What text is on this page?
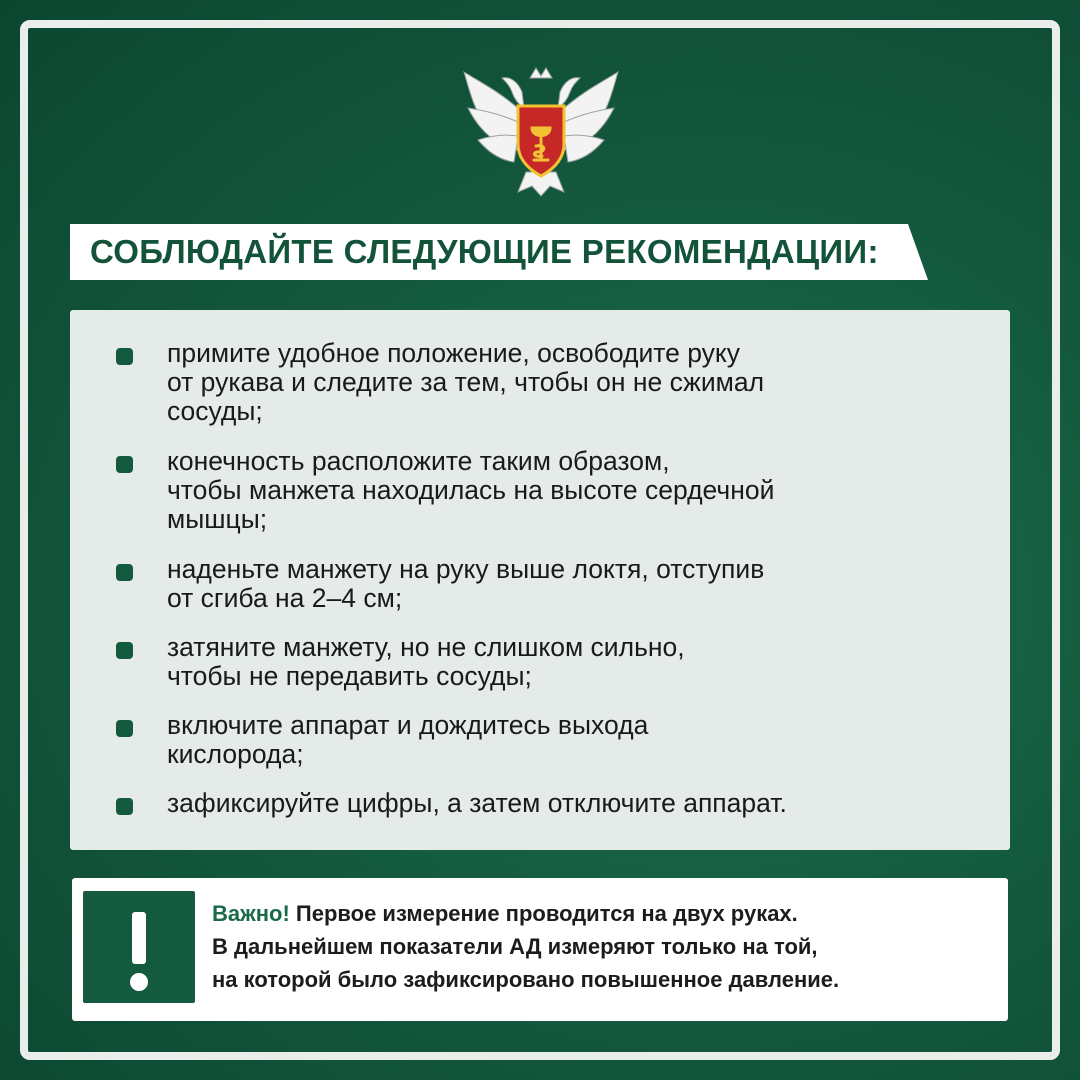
СОБЛЮДАЙТЕ СЛЕДУЮЩИЕ РЕКОМЕНДАЦИИ:
примите удобное положение, освободите руку
от рукава и следите за тем, чтобы он не сжимал
сосуды;
конечность расположите таким образом,
чтобы манжета находилась на высоте сердечной
мышцы;
наденьте манжету на руку выше локтя, отступив
от сгиба на 2–4 см;
затяните манжету, но не слишком сильно,
чтобы не передавить сосуды;
включите аппарат и дождитесь выхода
кислорода;
зафиксируйте цифры, а затем отключите аппарат.
Важно! Первое измерение проводится на двух руках.
В дальнейшем показатели АД измеряют только на той,
на которой было зафиксировано повышенное давление.
